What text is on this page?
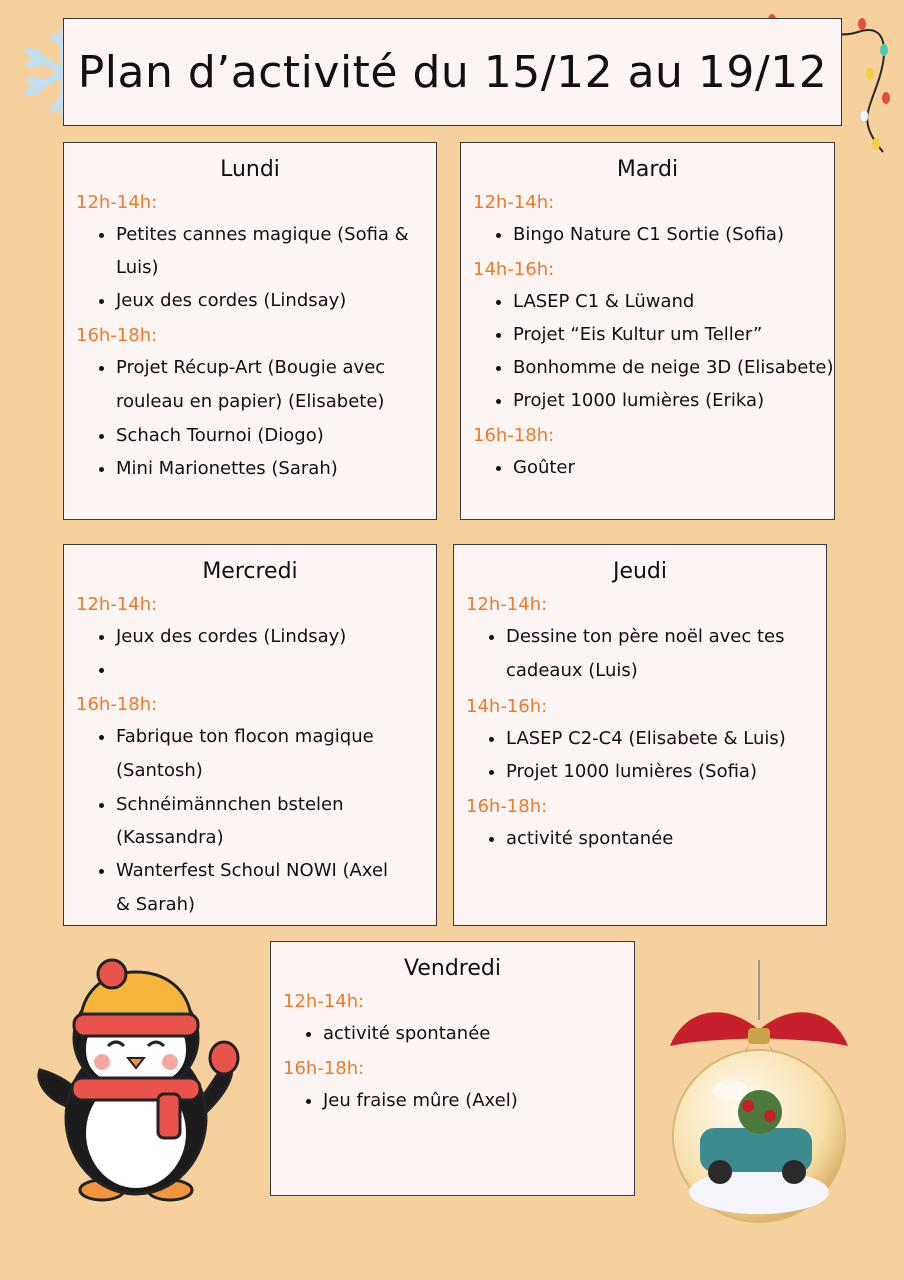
Plan d’activité du 15/12 au 19/12
Lundi
12h-14h:
• Petites cannes magique (Sofia & Luis)
• Jeux des cordes (Lindsay)
16h-18h:
• Projet Récup-Art (Bougie avec rouleau en papier) (Elisabete)
• Schach Tournoi (Diogo)
• Mini Marionettes (Sarah)
Mardi
12h-14h:
• Bingo Nature C1 Sortie (Sofia)
14h-16h:
• LASEP C1 & Lüwand
• Projet “Eis Kultur um Teller”
• Bonhomme de neige 3D (Elisabete)
• Projet 1000 lumières (Erika)
16h-18h:
• Goûter
Mercredi
12h-14h:
• Jeux des cordes (Lindsay)
•
16h-18h:
• Fabrique ton flocon magique (Santosh)
• Schnéimännchen bstelen (Kassandra)
• Wanterfest Schoul NOWI (Axel & Sarah)
Jeudi
12h-14h:
• Dessine ton père noël avec tes cadeaux (Luis)
14h-16h:
• LASEP C2-C4 (Elisabete & Luis)
• Projet 1000 lumières (Sofia)
16h-18h:
• activité spontanée
Vendredi
12h-14h:
• activité spontanée
16h-18h:
• Jeu fraise mûre (Axel)
